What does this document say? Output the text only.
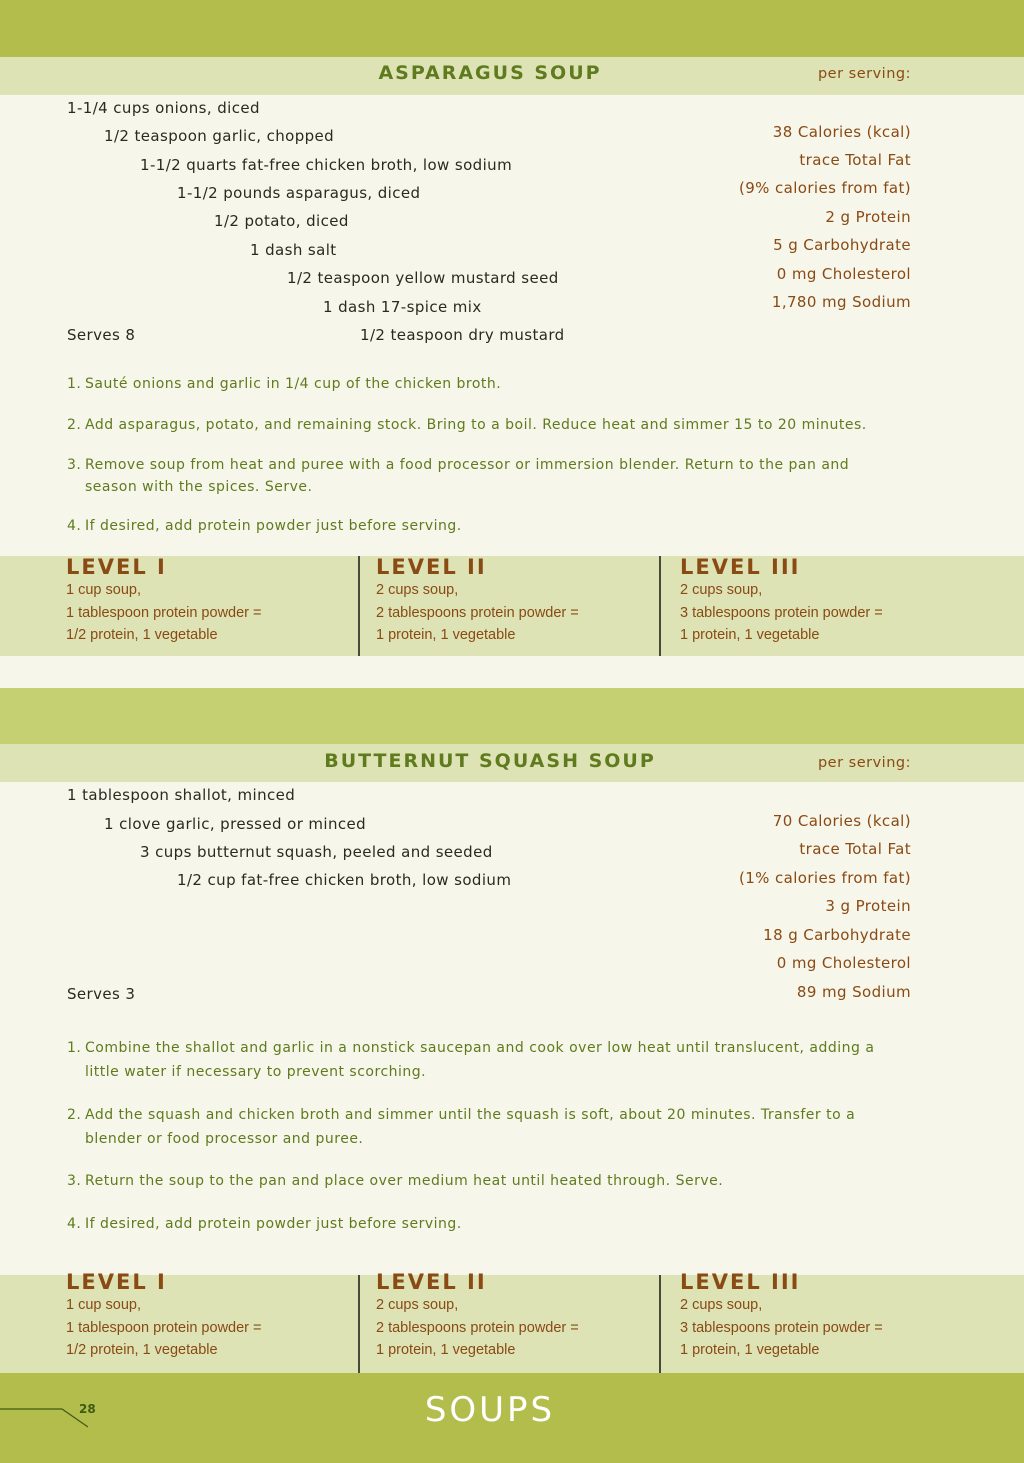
ASPARAGUS SOUP	per serving:
1-1/4 cups onions, diced
1/2 teaspoon garlic, chopped
1-1/2 quarts fat-free chicken broth, low sodium
1-1/2 pounds asparagus, diced
1/2 potato, diced
1 dash salt
1/2 teaspoon yellow mustard seed
1 dash 17-spice mix
1/2 teaspoon dry mustard
Serves 8
38 Calories (kcal)
trace Total Fat
(9% calories from fat)
2 g Protein
5 g Carbohydrate
0 mg Cholesterol
1,780 mg Sodium
1. Sauté onions and garlic in 1/4 cup of the chicken broth.
2. Add asparagus, potato, and remaining stock. Bring to a boil. Reduce heat and simmer 15 to 20 minutes.
3. Remove soup from heat and puree with a food processor or immersion blender. Return to the pan and season with the spices. Serve.
4. If desired, add protein powder just before serving.
LEVEL I
1 cup soup,
1 tablespoon protein powder =
1/2 protein, 1 vegetable
LEVEL II
2 cups soup,
2 tablespoons protein powder =
1 protein, 1 vegetable
LEVEL III
2 cups soup,
3 tablespoons protein powder =
1 protein, 1 vegetable
BUTTERNUT SQUASH SOUP	per serving:
1 tablespoon shallot, minced
1 clove garlic, pressed or minced
3 cups butternut squash, peeled and seeded
1/2 cup fat-free chicken broth, low sodium
Serves 3
70 Calories (kcal)
trace Total Fat
(1% calories from fat)
3 g Protein
18 g Carbohydrate
0 mg Cholesterol
89 mg Sodium
1. Combine the shallot and garlic in a nonstick saucepan and cook over low heat until translucent, adding a little water if necessary to prevent scorching.
2. Add the squash and chicken broth and simmer until the squash is soft, about 20 minutes. Transfer to a blender or food processor and puree.
3. Return the soup to the pan and place over medium heat until heated through. Serve.
4. If desired, add protein powder just before serving.
LEVEL I
1 cup soup,
1 tablespoon protein powder =
1/2 protein, 1 vegetable
LEVEL II
2 cups soup,
2 tablespoons protein powder =
1 protein, 1 vegetable
LEVEL III
2 cups soup,
3 tablespoons protein powder =
1 protein, 1 vegetable
28	SOUPS
